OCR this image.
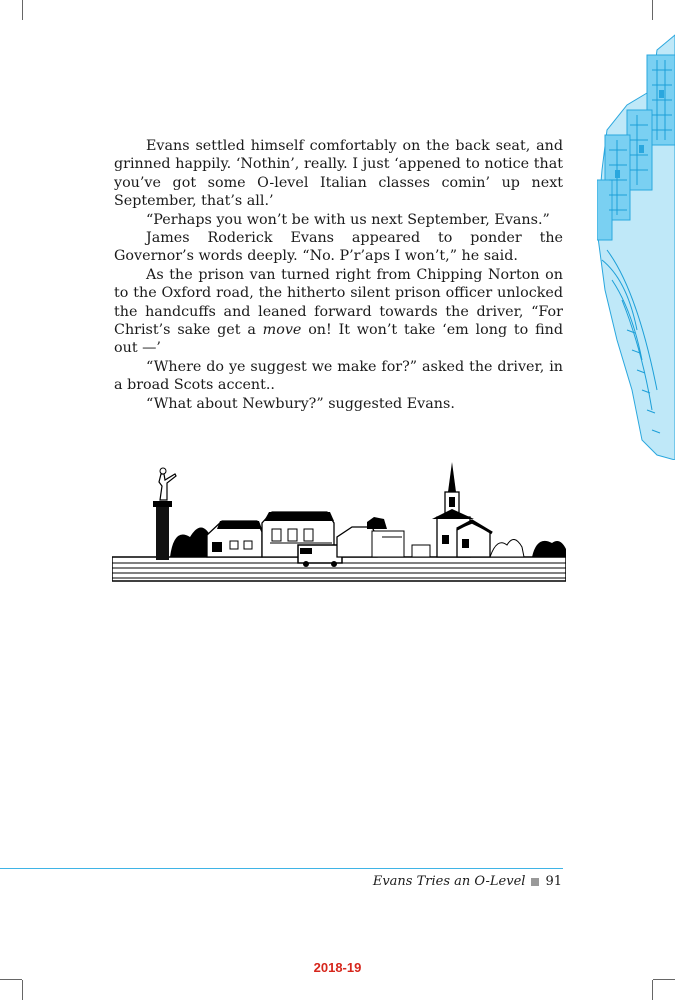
Evans settled himself comfortably on the back seat, and grinned happily. ‘Nothin’, really. I just ‘appened to notice that you’ve got some O-level Italian classes comin’ up next September, that’s all.’

“Perhaps you won’t be with us next September, Evans.”

James Roderick Evans appeared to ponder the Governor’s words deeply. “No. P’r’aps I won’t,” he said.

As the prison van turned right from Chipping Norton on to the Oxford road, the hitherto silent prison officer unlocked the handcuffs and leaned forward towards the driver, “For Christ’s sake get a move on! It won’t take ‘em long to find out —’

“Where do ye suggest we make for?” asked the driver, in a broad Scots accent..

“What about Newbury?” suggested Evans.

Evans Tries an O-Level 91
2018-19
